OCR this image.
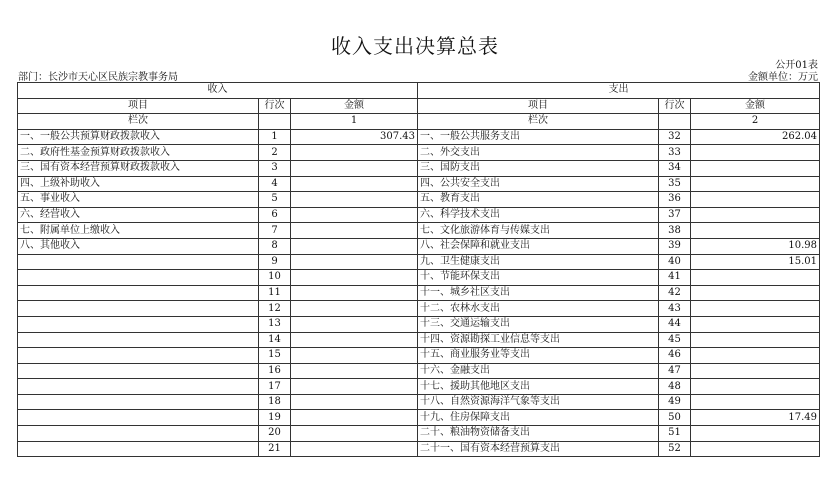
收入支出决算总表
公开01表
部门：长沙市天心区民族宗教事务局	金额单位：万元
收入			支出		
项目	行次	金额	项目	行次	金额
栏次		1	栏次		2
一、一般公共预算财政拨款收入	1	307.43	一、一般公共服务支出	32	262.04
二、政府性基金预算财政拨款收入	2		二、外交支出	33	
三、国有资本经营预算财政拨款收入	3		三、国防支出	34	
四、上级补助收入	4		四、公共安全支出	35	
五、事业收入	5		五、教育支出	36	
六、经营收入	6		六、科学技术支出	37	
七、附属单位上缴收入	7		七、文化旅游体育与传媒支出	38	
八、其他收入	8		八、社会保障和就业支出	39	10.98
	9		九、卫生健康支出	40	15.01
	10		十、节能环保支出	41	
	11		十一、城乡社区支出	42	
	12		十二、农林水支出	43	
	13		十三、交通运输支出	44	
	14		十四、资源勘探工业信息等支出	45	
	15		十五、商业服务业等支出	46	
	16		十六、金融支出	47	
	17		十七、援助其他地区支出	48	
	18		十八、自然资源海洋气象等支出	49	
	19		十九、住房保障支出	50	17.49
	20		二十、粮油物资储备支出	51	
	21		二十一、国有资本经营预算支出	52	
